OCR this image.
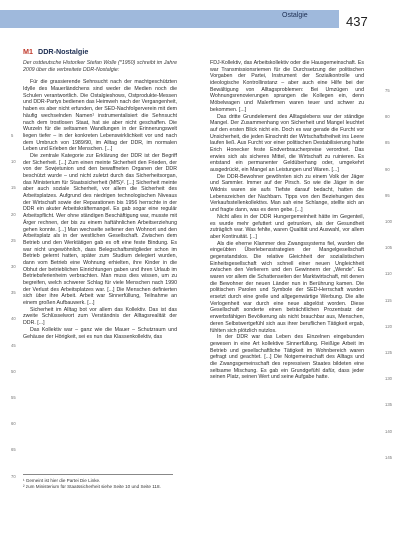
Ostalgie	437
M1 DDR-Nostalgie

Der ostdeutsche Historiker Stefan Wolle (*1950) schreibt im Jahre 2009 über die verbreitete DDR-Nostalgie:

Für die grassierende Sehnsucht nach der machtgeschützten Idylle des Mauerländchens sind weder die Medien noch die Schulen verantwortlich. Die Ostalgieshows, Ostprodukte-Messen und DDR-Partys bedienen das Heimweh nach der Vergangenheit, haben es aber nicht erfunden, der SED-Nachfolgerverein mit dem häufig wechselnden Namen¹ instrumentalisiert die Sehnsucht nach dem trostlosen Staat, hat sie aber nicht geschaffen. Die Wurzeln für die seltsamen Wandlungen in der Erinnerungswelt liegen tiefer – in der konkreten Lebenswirklichkeit vor und nach dem Umbruch von 1989/90, im Alltag der DDR, im normalen Leben und Erleben der Menschen. [...]

Die zentrale Kategorie zur Erklärung der DDR ist der Begriff der Sicherheit. [...] Zum einen meinte Sicherheit den Frieden, der von der Sowjetunion und den bewaffneten Organen der DDR beschützt wurde – und nicht zuletzt durch das Sicherheitsorgan, das Ministerium für Staatssicherheit (MfS)². [...] Sicherheit meinte aber auch soziale Sicherheit, vor allem die Sicherheit des Arbeitsplatzes. Aufgrund des niedrigen technologischen Niveaus der Wirtschaft sowie der Reparationen bis 1956 herrschte in der DDR ein akuter Arbeitskräftemangel. Es gab sogar eine regulär Arbeitspflicht. Wer ohne ständigen Beschäftigung war, musste mit Ärger rechnen, der bis zu einem haftähnlichen Arbeitserziehung gehen konnte. [...] Man wechselte seltener den Wohnort und den Arbeitsplatz als in der westlichen Gesellschaft. Zwischen dem Betrieb und den Werktätigen gab es oft eine feste Bindung. Es war nicht ungewöhnlich, dass Belegschaftsmitglieder schon im Betrieb gelernt hatten, später zum Studium delegiert wurden, dann vom Betrieb eine Wohnung erhielten, ihre Kinder in die Obhut der betrieblichen Einrichtungen gaben und ihren Urlaub im Betriebsferienheim verbrachten. Man muss dies wissen, um zu begreifen, welch schwerer Schlag für viele Menschen nach 1990 der Verlust des Arbeitsplatzes war. [...] Die Menschen definierten sich über ihre Arbeit. Arbeit war Sinnerfüllung, Teilnahme an einem großen Aufbauwerk. [...]

Sicherheit im Alltag bot vor allem das Kollektiv. Das ist das zweite Schlüsselwort zum Verständnis der Alltagsrealität der DDR. [...]

Das Kollektiv war – ganz wie die Mauer – Schutzraum und Gehäuse der Hörigkeit, sei es nun das Klassenkollektiv, das

FDJ-Kollektiv, das Arbeitskollektiv oder die Hausgemeinschaft. Es war Transmissionsriemen für die Durchsetzung der politischen Vorgaben der Partei, Instrument der Sozialkontrolle und ideologische Kontrollinstanz – aber auch eine Hilfe bei der Bewältigung von Alltagsproblemen: Bei Umzügen und Wohnungsrenovierungen sprangen die Kollegen ein, denn Möbelwagen und Malerfirmen waren teuer und schwer zu bekommen. [...]

Das dritte Grundelement des Alltagslebens war der ständige Mangel. Der Zusammenhang von Sicherheit und Mangel leuchtet auf den ersten Blick nicht ein. Doch es war gerade die Furcht vor Unsicherheit, die jeden Einschnitt der Wirtschaftsfreiheit ins Leere laufen ließ. Aus Furcht vor einer politischen Destabilisierung hatte Erich Honecker feste Endverbraucherpreise verordnet. Das erwies sich als sicheres Mittel, die Wirtschaft zu ruinieren. Es entstand ein permanenter Geldüberhang oder, umgekehrt ausgedrückt, ein Mangel an Leistungen und Waren. [...]

Die DDR-Bewohner gewöhnten sich zu einem Volk der Jäger und Sammler. Immer auf der Pirsch. So wie die Jäger in der Wildnis waren sie aufs Tiefste darauf bedacht, hatten die Lebenszeichen der Nachbarn. Tipps von den Beziehungen des Verkaufsstellenkollektivs. Man sah eine Schlange, stellte sich an und fragte dann, was es denn gebe. [...]

Nicht alles in der DDR Hungergemeinheit hätte im Gegenteil, es wurde mehr gefuttert und getrunken, als der Gesundheit zuträglich war. Was fehlte, waren Qualität und Auswahl, vor allem aber Kontinuität. [...]

Als die eherne Klammer des Zwangssystems fiel, wurden die eingeübten Überlebensstrategien der Mangelgesellschaft gegenstandslos. Die relative Gleichheit der sozialistischen Einheitsgesellschaft wich schnell einer neuen Ungleichheit zwischen den Verlierern und den Gewinnern der „Wende“. Es waren vor allem die Schattenseiten der Marktwirtschaft, mit denen die Bewohner der neuen Länder nun in Berührung kamen. Die politischen Parolen und Symbole der SED-Herrschaft wurden ersetzt durch eine grelle und allgegenwärtige Werbung. Die alte Verlogenheit war durch eine neue abgelöst worden. Diese Gesellschaft sonderte einen beträchtlichen Prozentsatz der erwerbsfähigen Bevölkerung als nicht brauchbar aus, Menschen, deren Selbstwertgefühl sich aus ihrer beruflichen Tätigkeit ergab, fühlten sich plötzlich nutzlos.

In der DDR war das Leben des Einzelnen eingebunden gewesen in eine Art kollektive Sinnerfüllung. Fleißige Arbeit im Betrieb und gesellschaftliche Tätigkeit im Wohnbereich waren gefragt und geachtet. [...] Die Notgemeinschaft des Alltags und die Zwangsgemeinschaft des repressiven Staates bildeten eine seltsame Mischung. Es gab ein Grundgefühl dafür, dass jeder seinen Platz, seinen Wert und seine Aufgabe hatte.

5
10
15
20
25
30
35
40
45
50
55
60
65
70
75
80
85
90
95
100
105
110
115
120
125
130
135
140
145
¹ Gemeint ist hier die Partei Die Linke.
² zum Ministerium für Staatssicherheit siehe Seite 10 und Seite 118.
